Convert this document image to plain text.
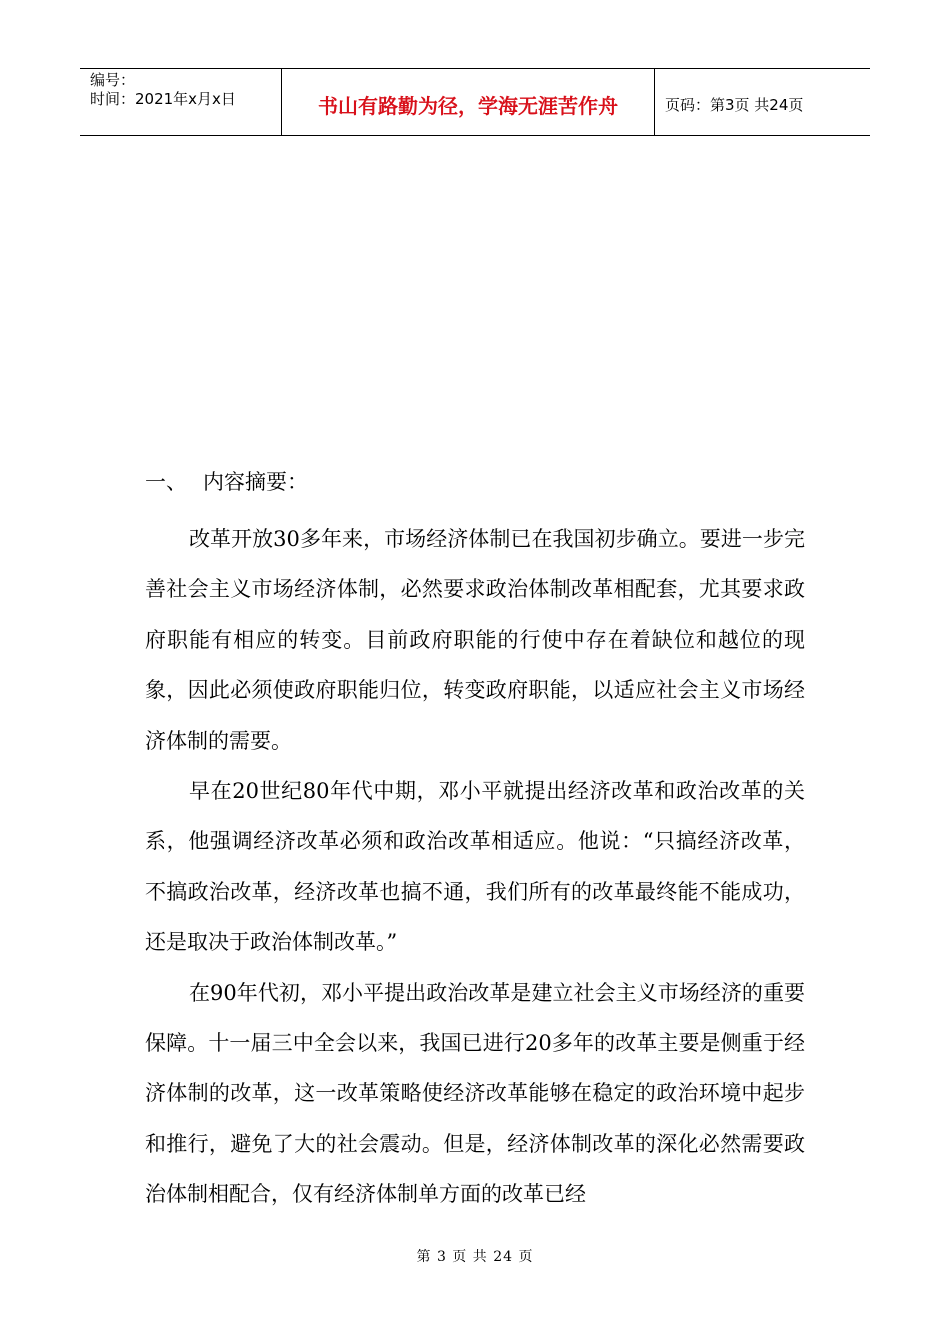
编号：
时间：2021年x月x日	书山有路勤为径，学海无涯苦作舟	页码：第3页 共24页
一、 内容摘要：

改革开放30多年来，市场经济体制已在我国初步确立。要进一步完善社会主义市场经济体制，必然要求政治体制改革相配套，尤其要求政府职能有相应的转变。目前政府职能的行使中存在着缺位和越位的现象，因此必须使政府职能归位，转变政府职能，以适应社会主义市场经济体制的需要。

早在20世纪80年代中期，邓小平就提出经济改革和政治改革的关系，他强调经济改革必须和政治改革相适应。他说：“只搞经济改革，不搞政治改革，经济改革也搞不通，我们所有的改革最终能不能成功，还是取决于政治体制改革。”

在90年代初，邓小平提出政治改革是建立社会主义市场经济的重要保障。十一届三中全会以来，我国已进行20多年的改革主要是侧重于经济体制的改革，这一改革策略使经济改革能够在稳定的政治环境中起步和推行，避免了大的社会震动。但是，经济体制改革的深化必然需要政治体制相配合，仅有经济体制单方面的改革已经

第 3 页 共 24 页
